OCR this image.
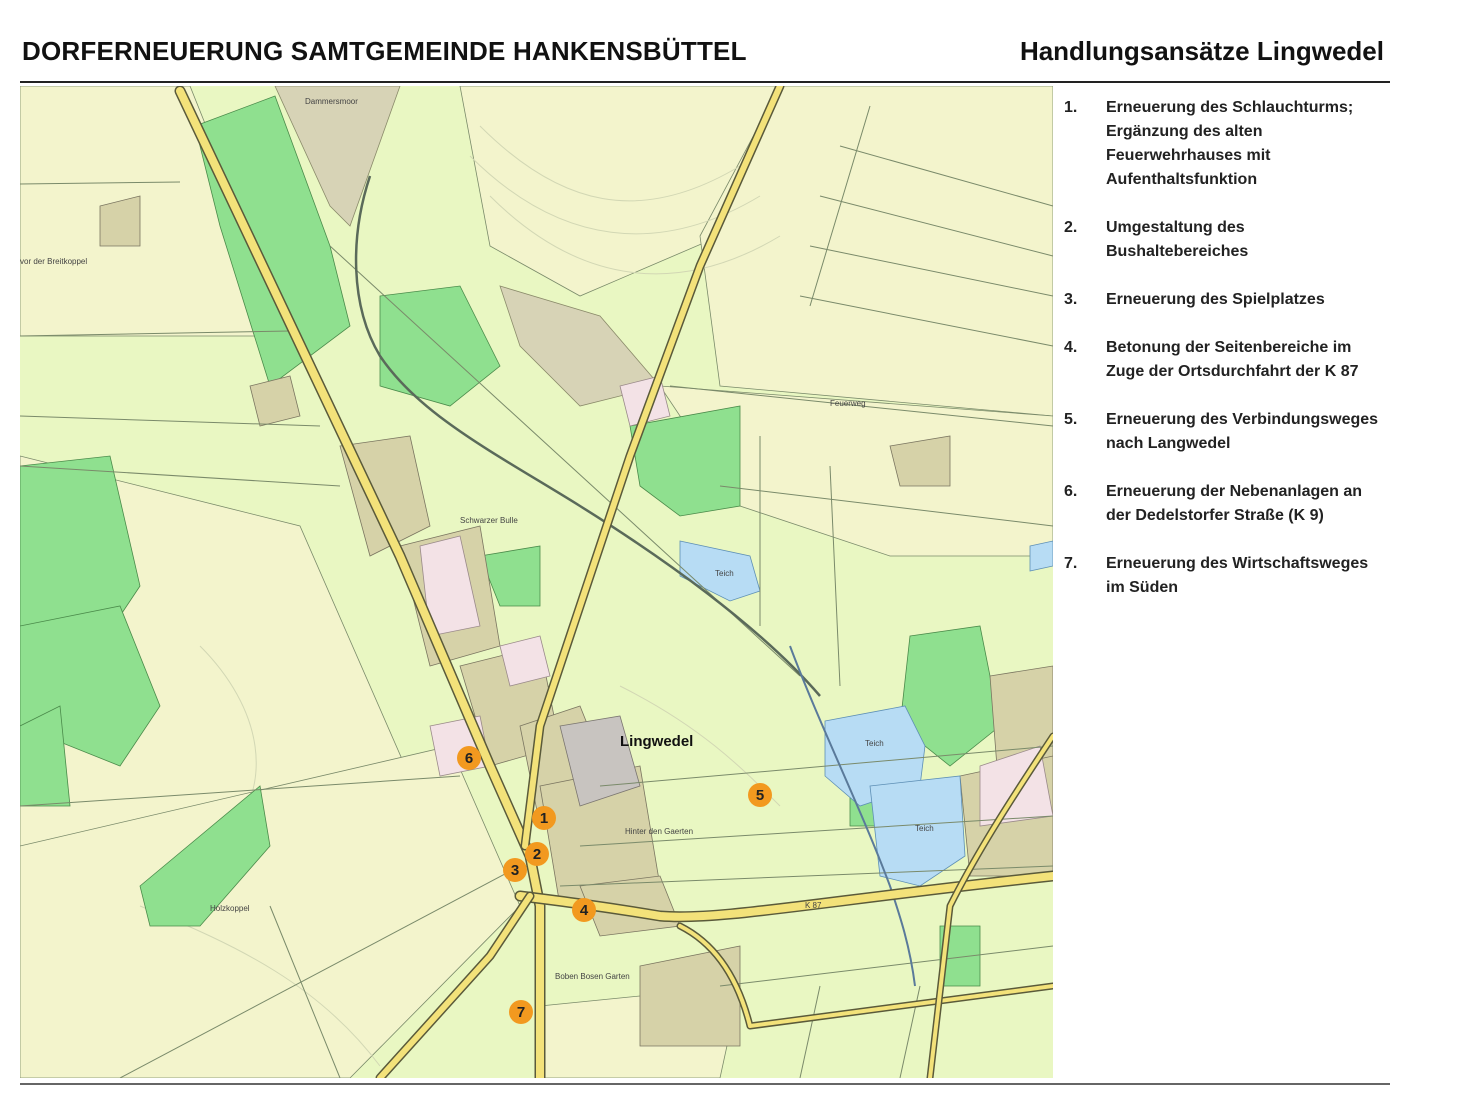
DORFERNEUERUNG SAMTGEMEINDE HANKENSBÜTTEL	Handlungsansätze Lingwedel
Schwarzer Bulle
Hinter den Gaerten
Boben Bosen Garten
Holzkoppel
Teich
Teich
Teich
Feuerweg
Dammersmoor
vor der Breitkoppel
K 87
Lingwedel
1
2
3
4
5
6
7
1.	Erneuerung des Schlauchturms;
Ergänzung des alten
Feuerwehrhauses mit
Aufenthaltsfunktion
2.	Umgestaltung des
Bushaltebereiches
3.	Erneuerung des Spielplatzes
4.	Betonung der Seitenbereiche im
Zuge der Ortsdurchfahrt der K 87
5.	Erneuerung des Verbindungsweges
nach Langwedel
6.	Erneuerung der Nebenanlagen an
der Dedelstorfer Straße (K 9)
7.	Erneuerung des Wirtschaftsweges
im Süden
